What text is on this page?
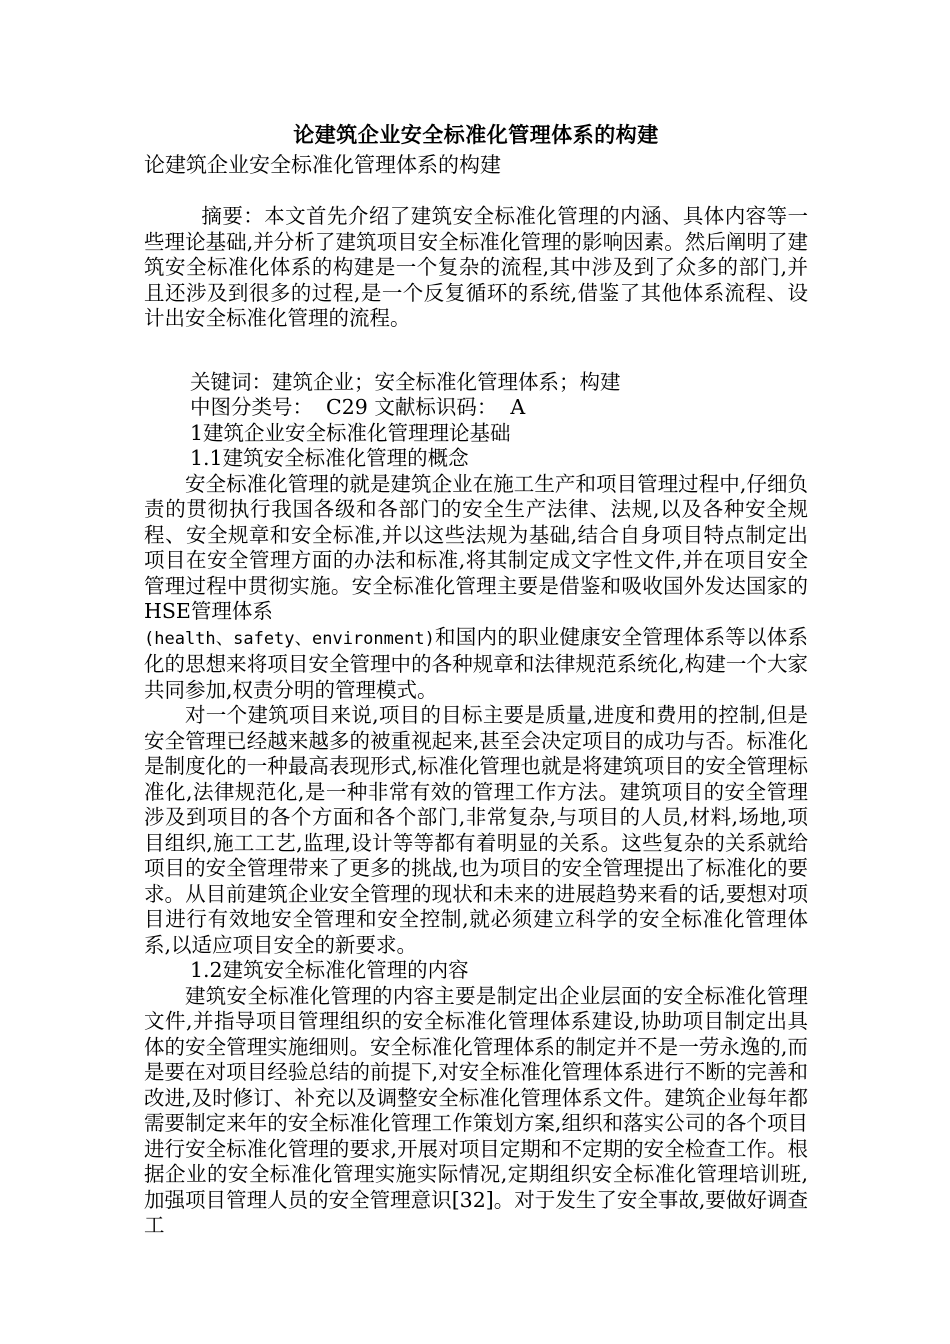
论建筑企业安全标准化管理体系的构建

论建筑企业安全标准化管理体系的构建

摘要：本文首先介绍了建筑安全标准化管理的内涵、具体内容等一些理论基础,并分析了建筑项目安全标准化管理的影响因素。然后阐明了建筑安全标准化体系的构建是一个复杂的流程,其中涉及到了众多的部门,并且还涉及到很多的过程,是一个反复循环的系统,借鉴了其他体系流程、设计出安全标准化管理的流程。

关键词：建筑企业；安全标准化管理体系；构建

中图分类号：  C29 文献标识码：  A

1建筑企业安全标准化管理理论基础

1.1建筑安全标准化管理的概念

安全标准化管理的就是建筑企业在施工生产和项目管理过程中,仔细负责的贯彻执行我国各级和各部门的安全生产法律、法规,以及各种安全规程、安全规章和安全标准,并以这些法规为基础,结合自身项目特点制定出项目在安全管理方面的办法和标准,将其制定成文字性文件,并在项目安全管理过程中贯彻实施。安全标准化管理主要是借鉴和吸收国外发达国家的HSE管理体系
(health、safety、environment)和国内的职业健康安全管理体系等以体系化的思想来将项目安全管理中的各种规章和法律规范系统化,构建一个大家共同参加,权责分明的管理模式。

对一个建筑项目来说,项目的目标主要是质量,进度和费用的控制,但是安全管理已经越来越多的被重视起来,甚至会决定项目的成功与否。标准化是制度化的一种最高表现形式,标准化管理也就是将建筑项目的安全管理标准化,法律规范化,是一种非常有效的管理工作方法。建筑项目的安全管理涉及到项目的各个方面和各个部门,非常复杂,与项目的人员,材料,场地,项目组织,施工工艺,监理,设计等等都有着明显的关系。这些复杂的关系就给项目的安全管理带来了更多的挑战,也为项目的安全管理提出了标准化的要求。从目前建筑企业安全管理的现状和未来的进展趋势来看的话,要想对项目进行有效地安全管理和安全控制,就必须建立科学的安全标准化管理体系,以适应项目安全的新要求。

1.2建筑安全标准化管理的内容

建筑安全标准化管理的内容主要是制定出企业层面的安全标准化管理文件,并指导项目管理组织的安全标准化管理体系建设,协助项目制定出具体的安全管理实施细则。安全标准化管理体系的制定并不是一劳永逸的,而是要在对项目经验总结的前提下,对安全标准化管理体系进行不断的完善和改进,及时修订、补充以及调整安全标准化管理体系文件。建筑企业每年都需要制定来年的安全标准化管理工作策划方案,组织和落实公司的各个项目进行安全标准化管理的要求,开展对项目定期和不定期的安全检查工作。根据企业的安全标准化管理实施实际情况,定期组织安全标准化管理培训班,加强项目管理人员的安全管理意识[32]。对于发生了安全事故,要做好调查工
